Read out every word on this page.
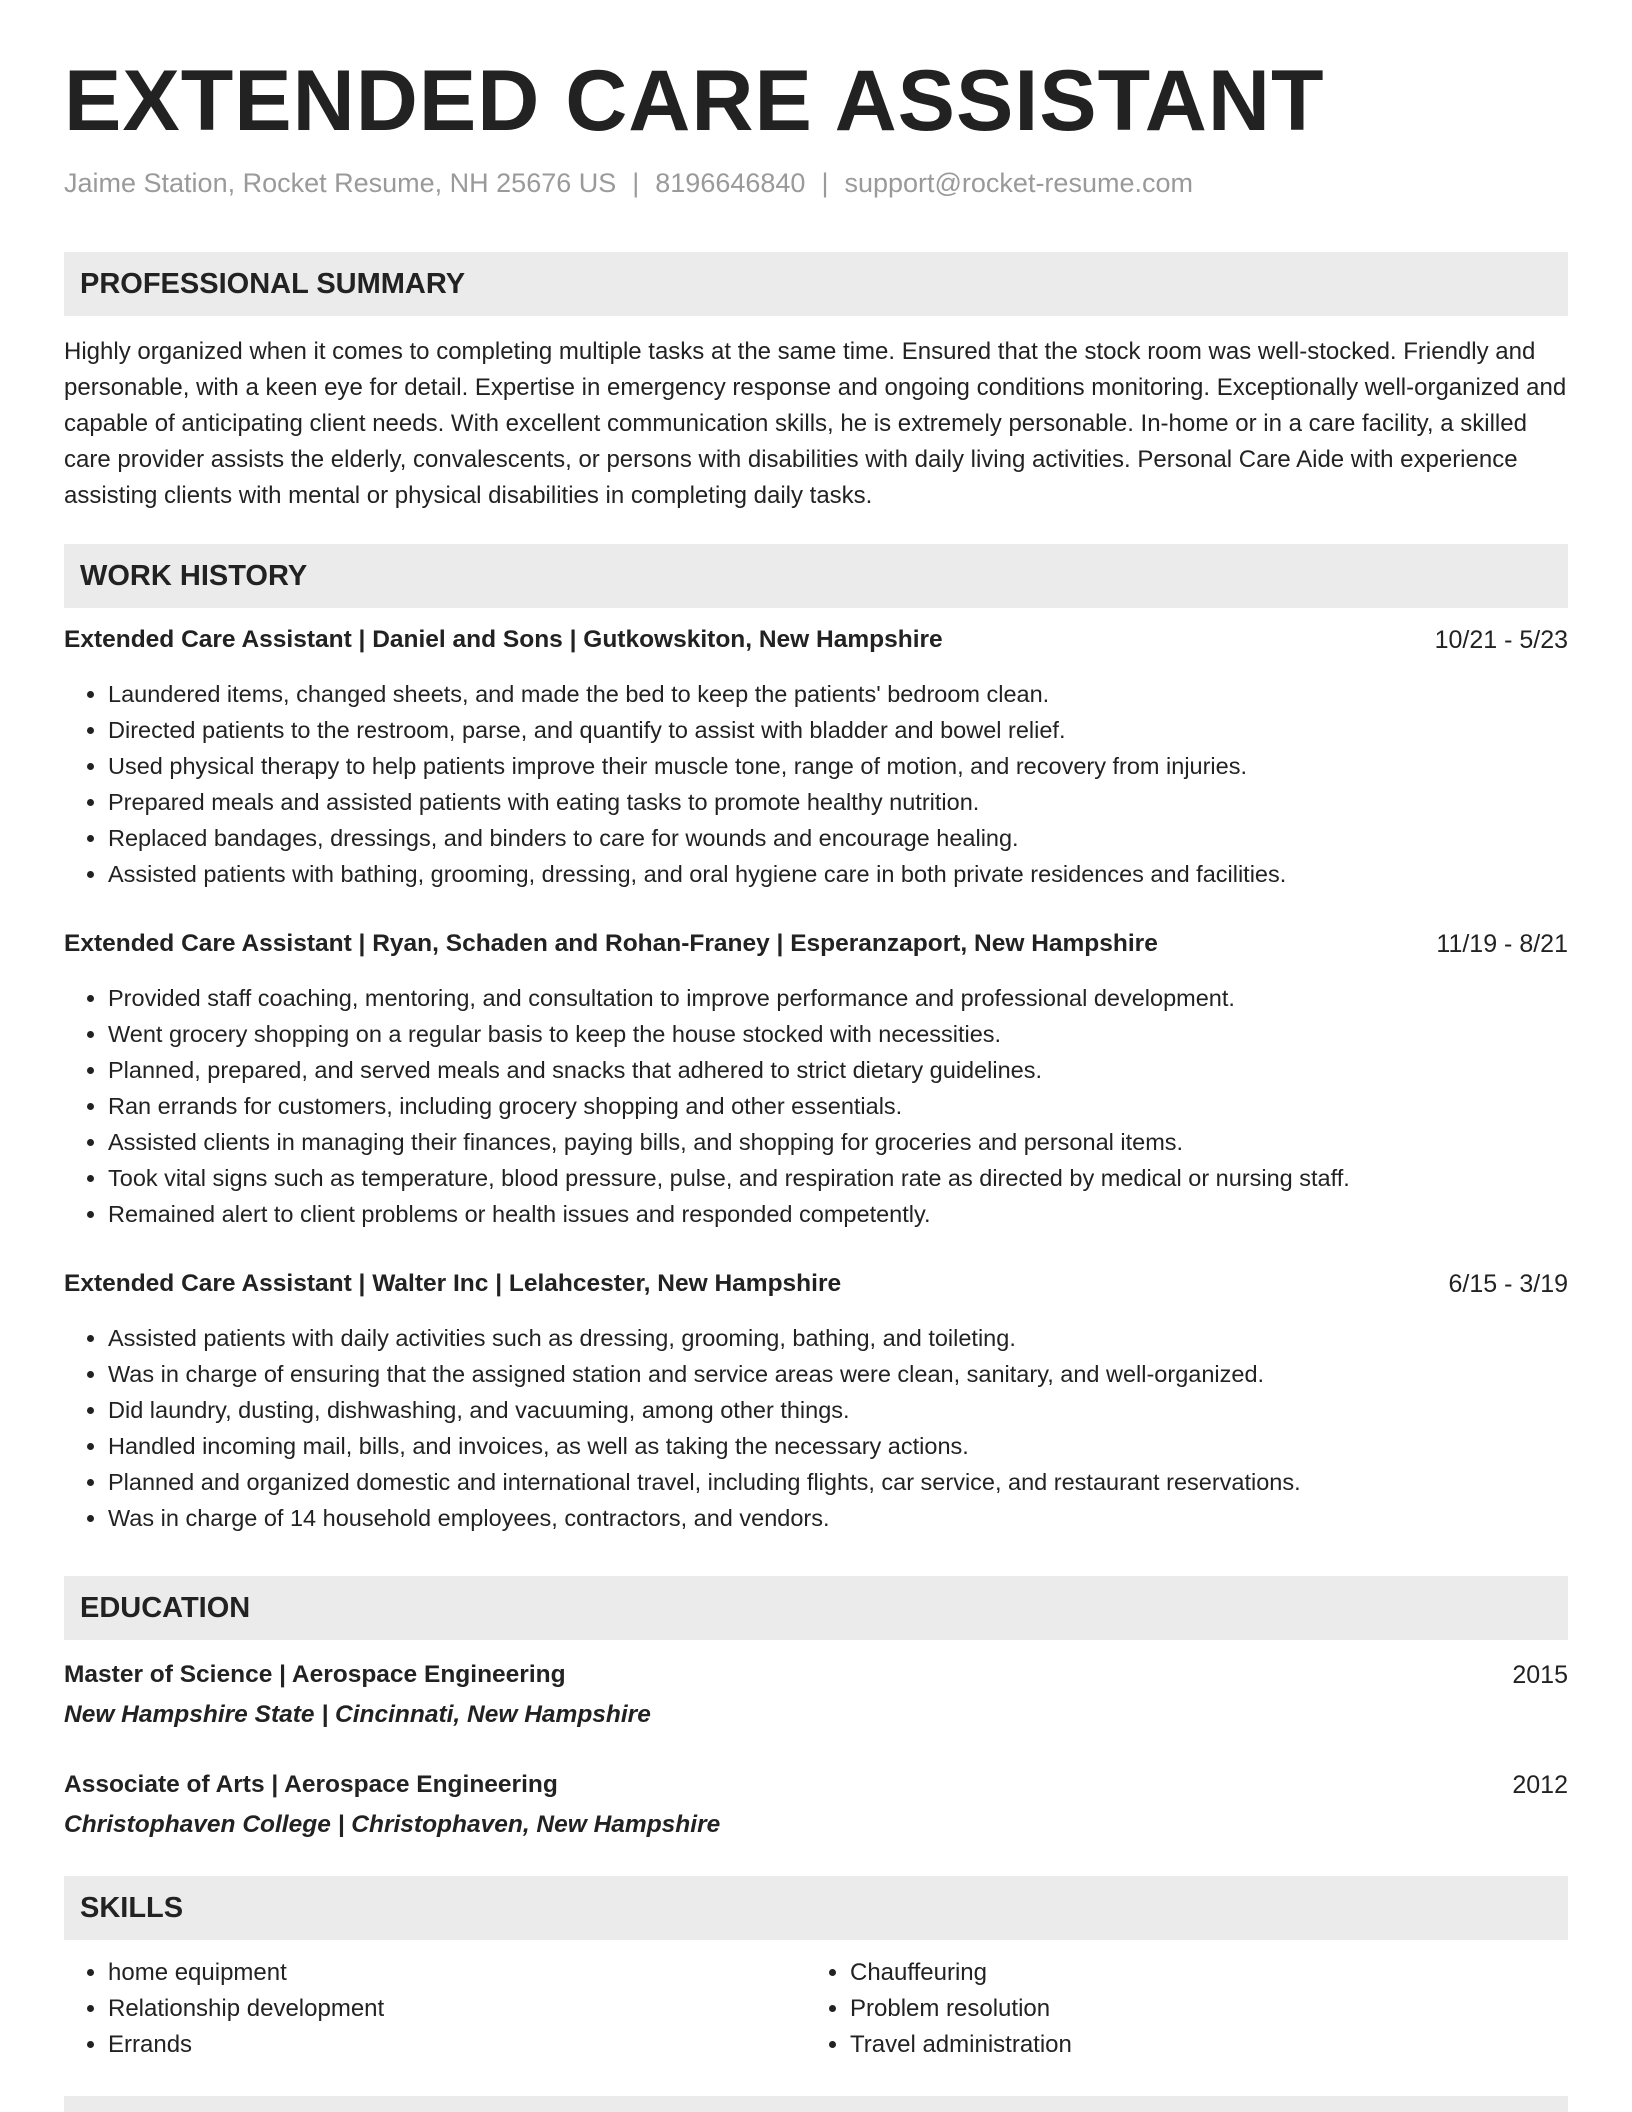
EXTENDED CARE ASSISTANT
Jaime Station, Rocket Resume, NH 25676 US | 8196646840 | support@rocket-resume.com
PROFESSIONAL SUMMARY
Highly organized when it comes to completing multiple tasks at the same time. Ensured that the stock room was well-stocked. Friendly and personable, with a keen eye for detail. Expertise in emergency response and ongoing conditions monitoring. Exceptionally well-organized and capable of anticipating client needs. With excellent communication skills, he is extremely personable. In-home or in a care facility, a skilled care provider assists the elderly, convalescents, or persons with disabilities with daily living activities. Personal Care Aide with experience assisting clients with mental or physical disabilities in completing daily tasks.
WORK HISTORY
Extended Care Assistant | Daniel and Sons | Gutkowskiton, New Hampshire	10/21 - 5/23
• Laundered items, changed sheets, and made the bed to keep the patients' bedroom clean.
• Directed patients to the restroom, parse, and quantify to assist with bladder and bowel relief.
• Used physical therapy to help patients improve their muscle tone, range of motion, and recovery from injuries.
• Prepared meals and assisted patients with eating tasks to promote healthy nutrition.
• Replaced bandages, dressings, and binders to care for wounds and encourage healing.
• Assisted patients with bathing, grooming, dressing, and oral hygiene care in both private residences and facilities.
Extended Care Assistant | Ryan, Schaden and Rohan-Franey | Esperanzaport, New Hampshire	11/19 - 8/21
• Provided staff coaching, mentoring, and consultation to improve performance and professional development.
• Went grocery shopping on a regular basis to keep the house stocked with necessities.
• Planned, prepared, and served meals and snacks that adhered to strict dietary guidelines.
• Ran errands for customers, including grocery shopping and other essentials.
• Assisted clients in managing their finances, paying bills, and shopping for groceries and personal items.
• Took vital signs such as temperature, blood pressure, pulse, and respiration rate as directed by medical or nursing staff.
• Remained alert to client problems or health issues and responded competently.
Extended Care Assistant | Walter Inc | Lelahcester, New Hampshire	6/15 - 3/19
• Assisted patients with daily activities such as dressing, grooming, bathing, and toileting.
• Was in charge of ensuring that the assigned station and service areas were clean, sanitary, and well-organized.
• Did laundry, dusting, dishwashing, and vacuuming, among other things.
• Handled incoming mail, bills, and invoices, as well as taking the necessary actions.
• Planned and organized domestic and international travel, including flights, car service, and restaurant reservations.
• Was in charge of 14 household employees, contractors, and vendors.
EDUCATION
Master of Science | Aerospace Engineering	2015
New Hampshire State | Cincinnati, New Hampshire
Associate of Arts | Aerospace Engineering	2012
Christophaven College | Christophaven, New Hampshire
SKILLS
• home equipment
• Relationship development
• Errands
• Chauffeuring
• Problem resolution
• Travel administration
